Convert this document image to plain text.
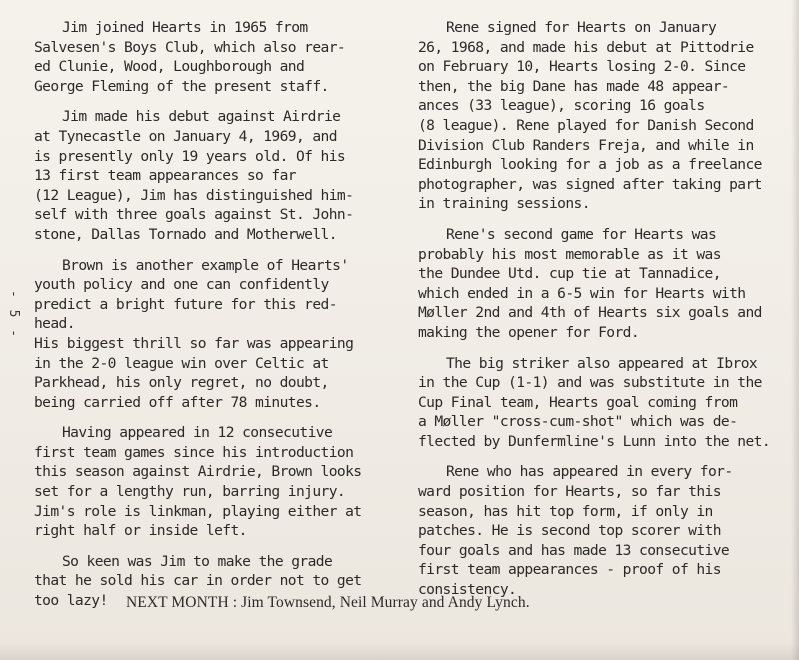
- 5 -

Jim joined Hearts in 1965 from
Salvesen's Boys Club, which also rear-
ed Clunie, Wood, Loughborough and
George Fleming of the present staff.

Jim made his debut against Airdrie
at Tynecastle on January 4, 1969, and
is presently only 19 years old. Of his
13 first team appearances so far
(12 League), Jim has distinguished him-
self with three goals against St. John-
stone, Dallas Tornado and Motherwell.

Brown is another example of Hearts'
youth policy and one can confidently
predict a bright future for this red-head.
His biggest thrill so far was appearing
in the 2-0 league win over Celtic at
Parkhead, his only regret, no doubt,
being carried off after 78 minutes.

Having appeared in 12 consecutive
first team games since his introduction
this season against Airdrie, Brown looks
set for a lengthy run, barring injury.
Jim's role is linkman, playing either at
right half or inside left.

So keen was Jim to make the grade
that he sold his car in order not to get
too lazy!

Rene signed for Hearts on January
26, 1968, and made his debut at Pittodrie
on February 10, Hearts losing 2-0. Since
then, the big Dane has made 48 appear-
ances (33 league), scoring 16 goals
(8 league). Rene played for Danish Second
Division Club Randers Freja, and while in
Edinburgh looking for a job as a freelance
photographer, was signed after taking part
in training sessions.

Rene's second game for Hearts was
probably his most memorable as it was
the Dundee Utd. cup tie at Tannadice,
which ended in a 6-5 win for Hearts with
Møller 2nd and 4th of Hearts six goals and
making the opener for Ford.

The big striker also appeared at Ibrox
in the Cup (1-1) and was substitute in the
Cup Final team, Hearts goal coming from
a Møller "cross-cum-shot" which was de-
flected by Dunfermline's Lunn into the net.

Rene who has appeared in every for-
ward position for Hearts, so far this
season, has hit top form, if only in
patches. He is second top scorer with
four goals and has made 13 consecutive
first team appearances - proof of his
consistency.

NEXT MONTH : Jim Townsend, Neil Murray and Andy Lynch.
